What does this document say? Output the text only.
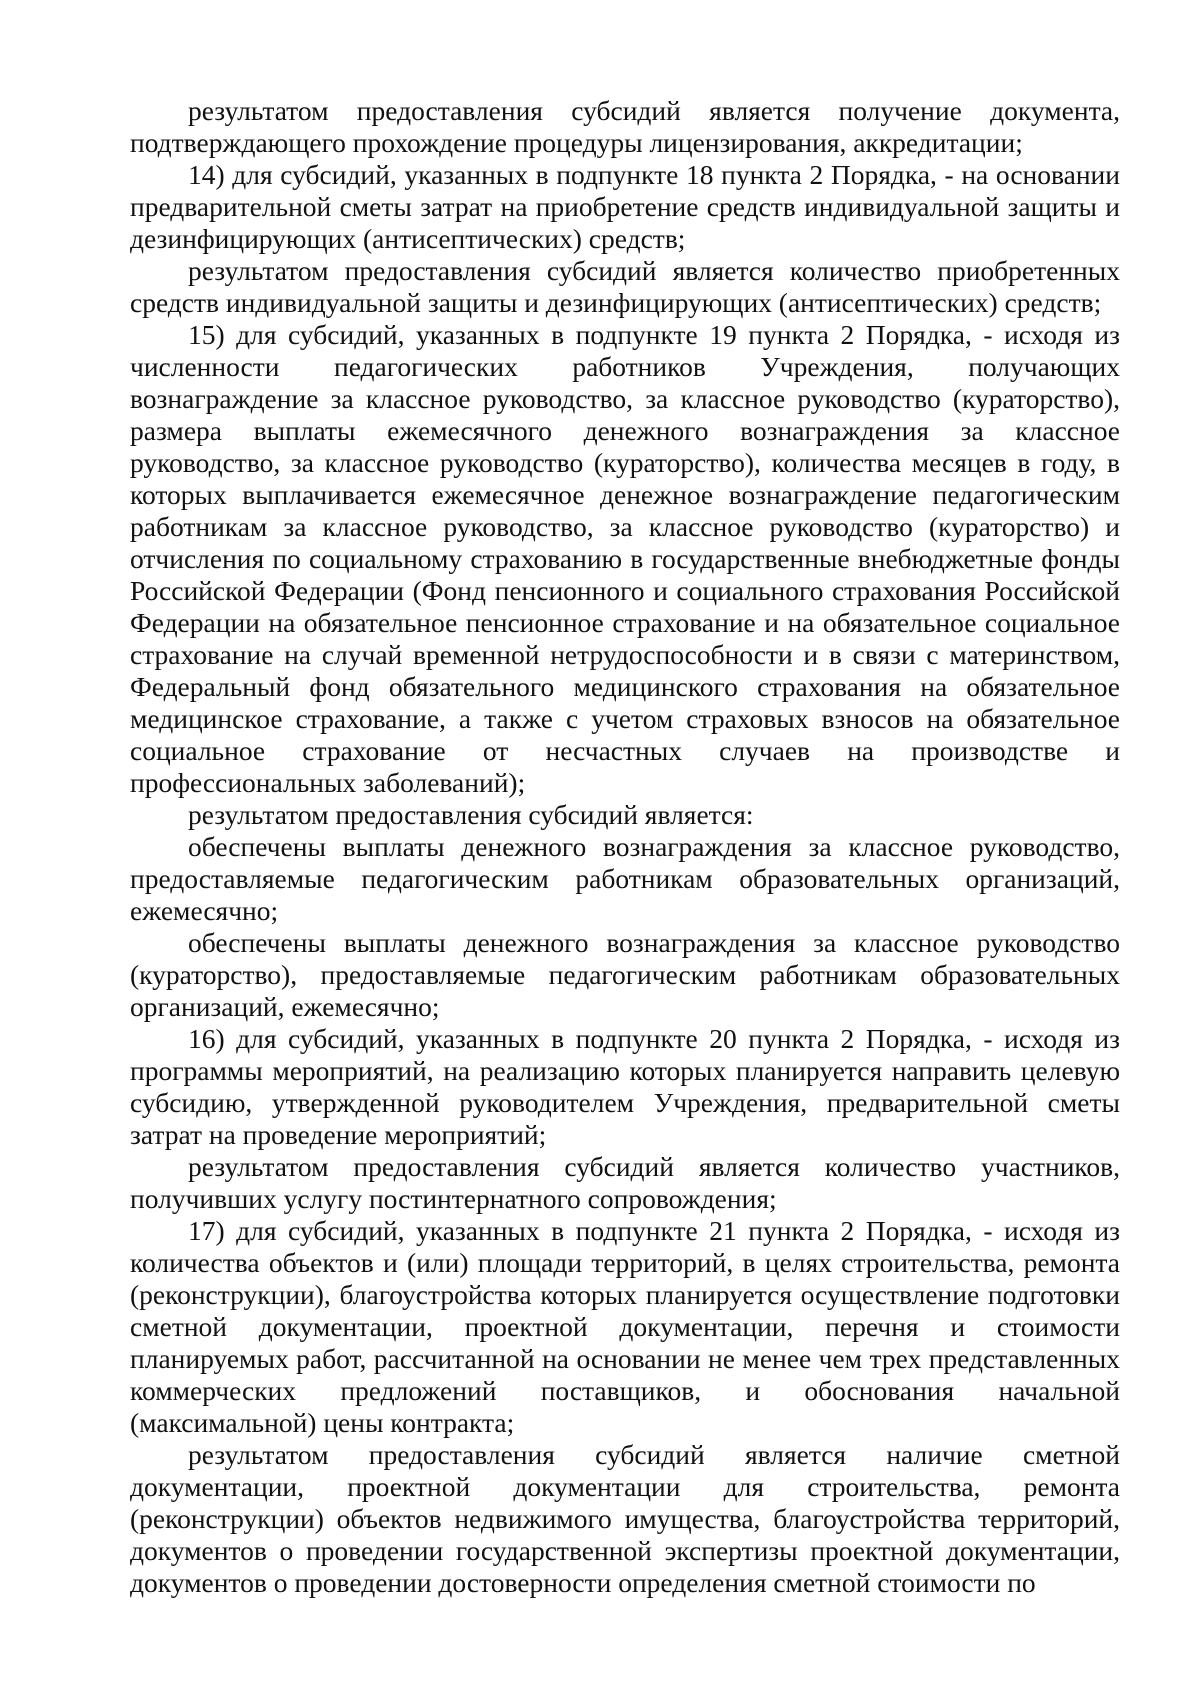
результатом предоставления субсидий является получение документа, подтверждающего прохождение процедуры лицензирования, аккредитации;

14) для субсидий, указанных в подпункте 18 пункта 2 Порядка, - на основании предварительной сметы затрат на приобретение средств индивидуальной защиты и дезинфицирующих (антисептических) средств;

результатом предоставления субсидий является количество приобретенных средств индивидуальной защиты и дезинфицирующих (антисептических) средств;

15) для субсидий, указанных в подпункте 19 пункта 2 Порядка, - исходя из численности педагогических работников Учреждения, получающих вознаграждение за классное руководство, за классное руководство (кураторство), размера выплаты ежемесячного денежного вознаграждения за классное руководство, за классное руководство (кураторство), количества месяцев в году, в которых выплачивается ежемесячное денежное вознаграждение педагогическим работникам за классное руководство, за классное руководство (кураторство) и отчисления по социальному страхованию в государственные внебюджетные фонды Российской Федерации (Фонд пенсионного и социального страхования Российской Федерации на обязательное пенсионное страхование и на обязательное социальное страхование на случай временной нетрудоспособности и в связи с материнством, Федеральный фонд обязательного медицинского страхования на обязательное медицинское страхование, а также с учетом страховых взносов на обязательное социальное страхование от несчастных случаев на производстве и профессиональных заболеваний);

результатом предоставления субсидий является:

обеспечены выплаты денежного вознаграждения за классное руководство, предоставляемые педагогическим работникам образовательных организаций, ежемесячно;

обеспечены выплаты денежного вознаграждения за классное руководство (кураторство), предоставляемые педагогическим работникам образовательных организаций, ежемесячно;

16) для субсидий, указанных в подпункте 20 пункта 2 Порядка, - исходя из программы мероприятий, на реализацию которых планируется направить целевую субсидию, утвержденной руководителем Учреждения, предварительной сметы затрат на проведение мероприятий;

результатом предоставления субсидий является количество участников, получивших услугу постинтернатного сопровождения;

17) для субсидий, указанных в подпункте 21 пункта 2 Порядка, - исходя из количества объектов и (или) площади территорий, в целях строительства, ремонта (реконструкции), благоустройства которых планируется осуществление подготовки сметной документации, проектной документации, перечня и стоимости планируемых работ, рассчитанной на основании не менее чем трех представленных коммерческих предложений поставщиков, и обоснования начальной (максимальной) цены контракта;

результатом предоставления субсидий является наличие сметной документации, проектной документации для строительства, ремонта (реконструкции) объектов недвижимого имущества, благоустройства территорий, документов о проведении государственной экспертизы проектной документации, документов о проведении достоверности определения сметной стоимости по
